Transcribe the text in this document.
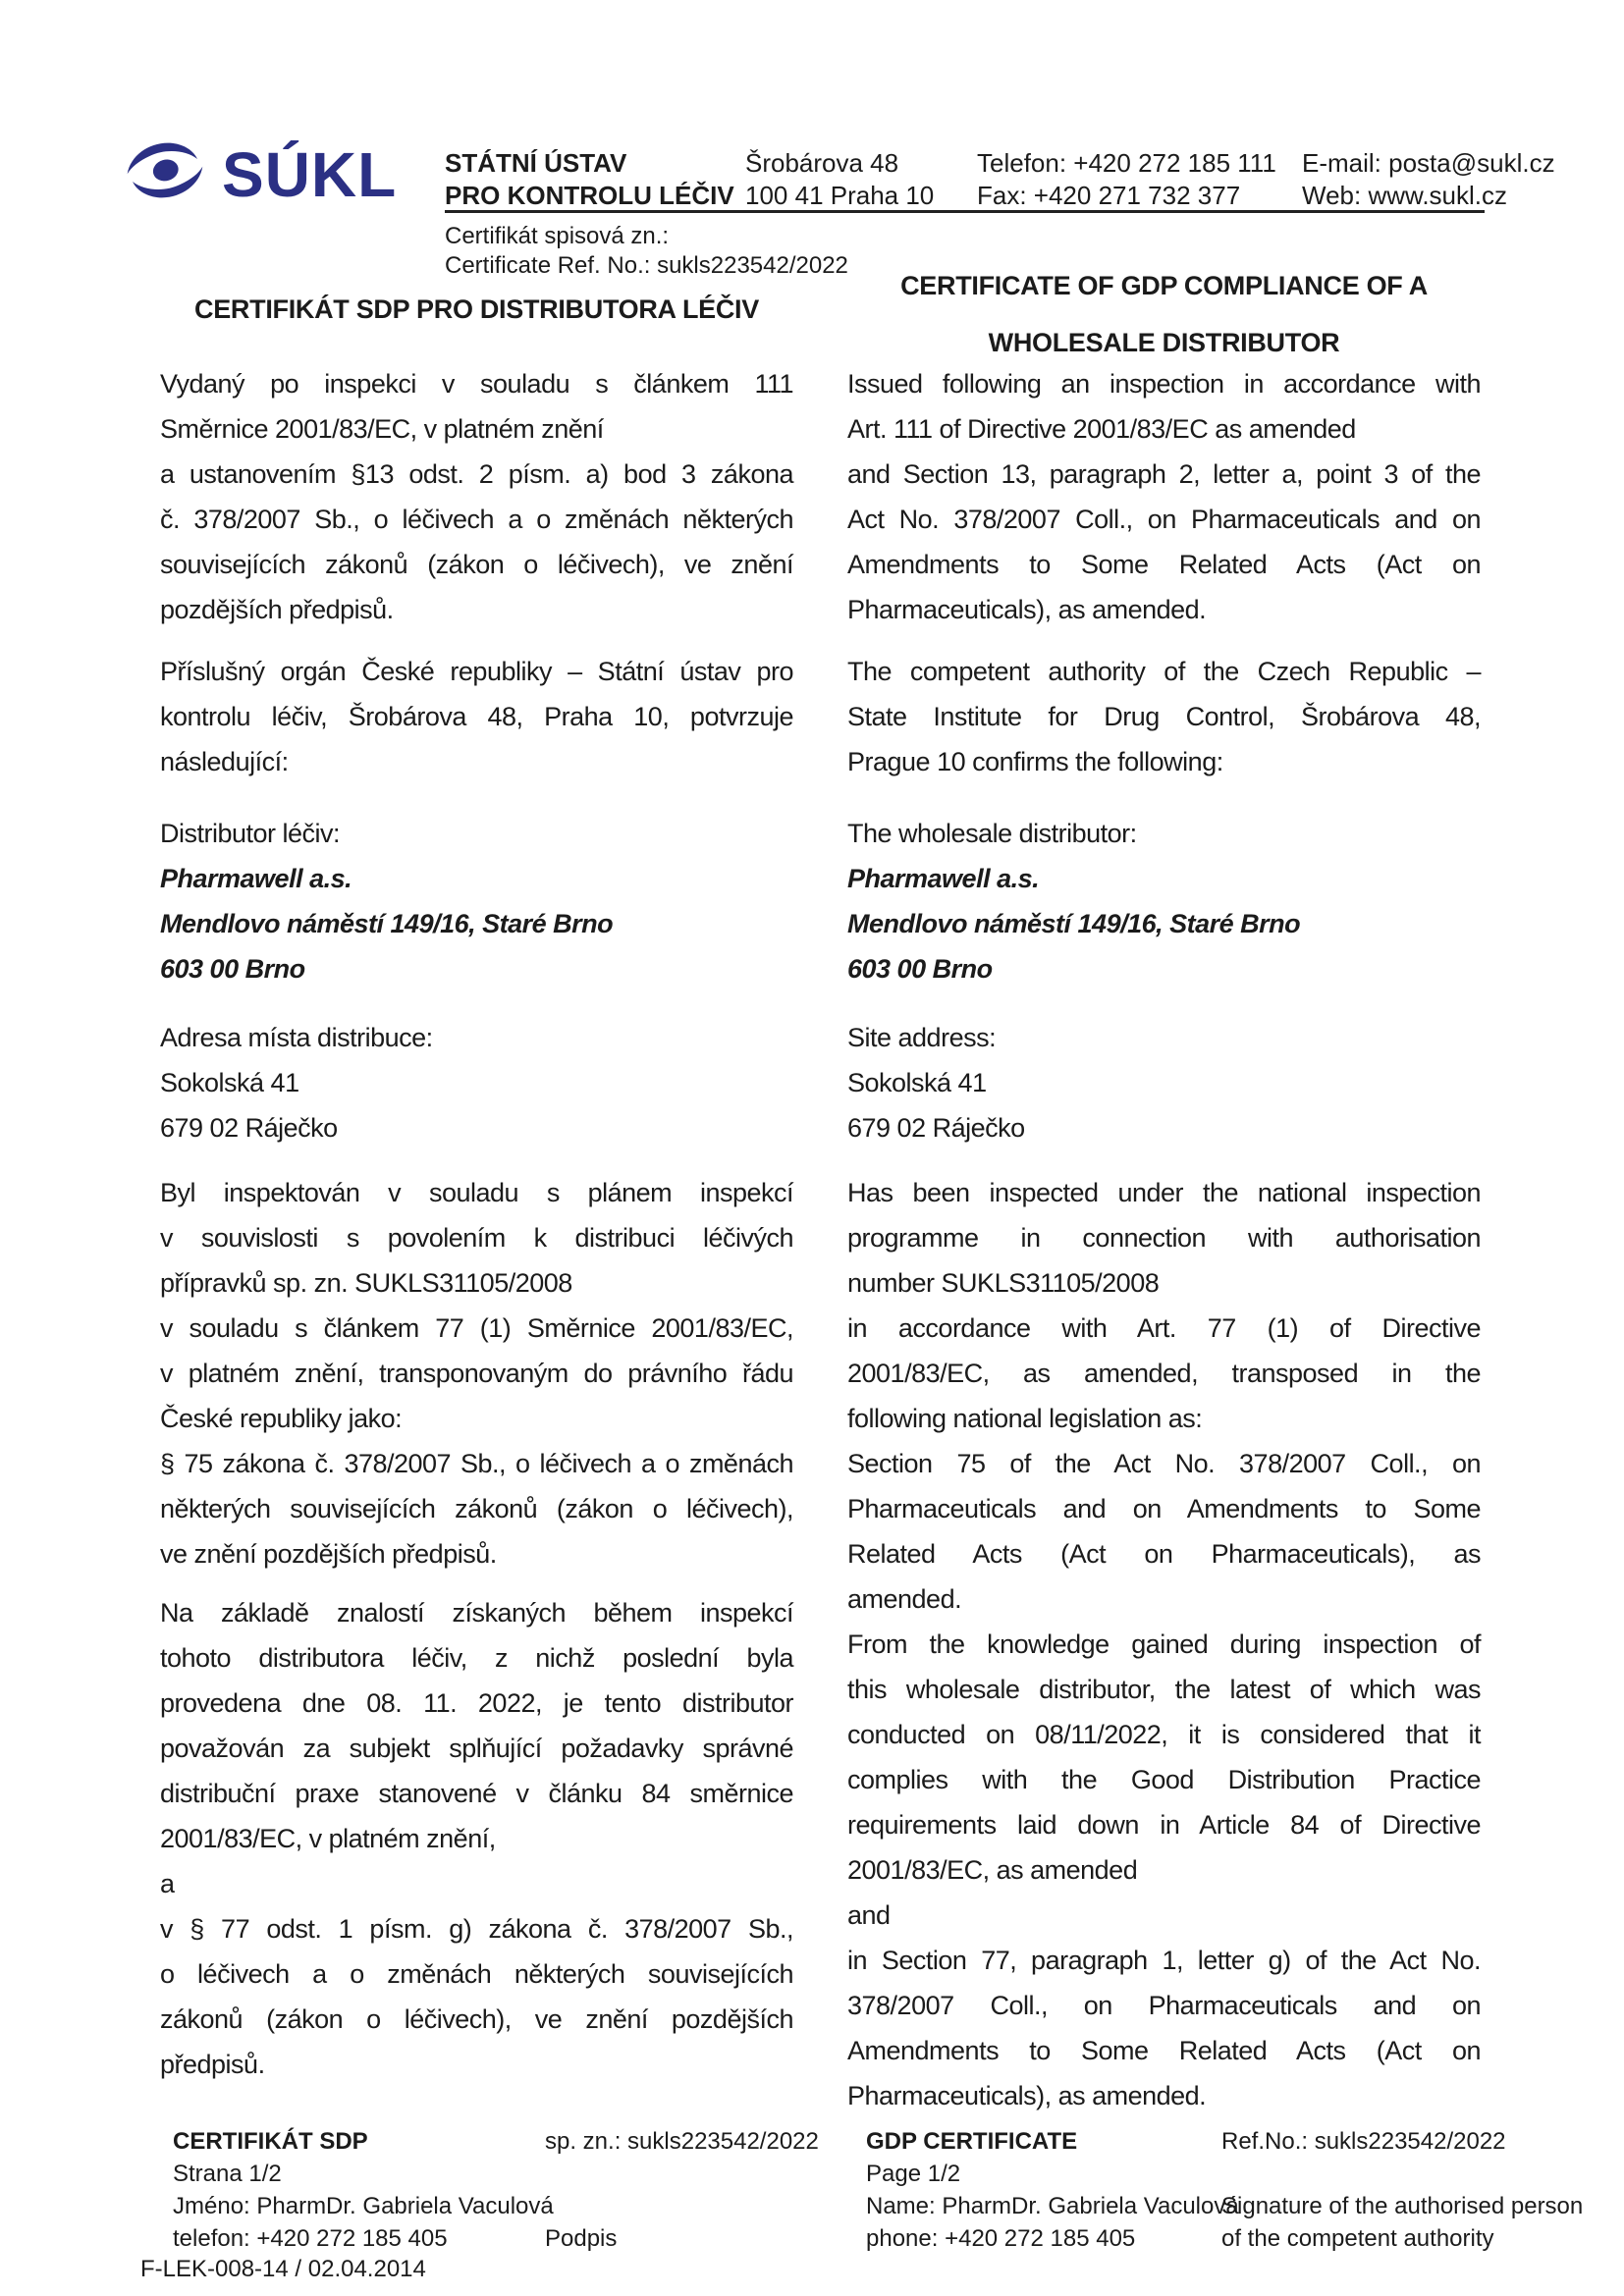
SÚKL STÁTNÍ ÚSTAV
PRO KONTROLU LÉČIV
Šrobárova 48
100 41 Praha 10
Telefon: +420 272 185 111
Fax: +420 271 732 377
E-mail: posta@sukl.cz
Web: www.sukl.cz
Certifikát spisová zn.:
Certificate Ref. No.: sukls223542/2022
CERTIFIKÁT SDP PRO DISTRIBUTORA LÉČIV
CERTIFICATE OF GDP COMPLIANCE OF A
WHOLESALE DISTRIBUTOR
Vydaný po inspekci v souladu s článkem 111
Směrnice 2001/83/EC, v platném znění
a ustanovením §13 odst. 2 písm. a) bod 3 zákona
č. 378/2007 Sb., o léčivech a o změnách některých
souvisejících zákonů (zákon o léčivech), ve znění
pozdějších předpisů.
Příslušný orgán České republiky – Státní ústav pro
kontrolu léčiv, Šrobárova 48, Praha 10, potvrzuje
následující:
Distributor léčiv:
Pharmawell a.s.
Mendlovo náměstí 149/16, Staré Brno
603 00 Brno
Adresa místa distribuce:
Sokolská 41
679 02 Ráječko
Byl inspektován v souladu s plánem inspekcí
v souvislosti s povolením k distribuci léčivých
přípravků sp. zn. SUKLS31105/2008
v souladu s článkem 77 (1) Směrnice 2001/83/EC,
v platném znění, transponovaným do právního řádu
České republiky jako:
§ 75 zákona č. 378/2007 Sb., o léčivech a o změnách
některých souvisejících zákonů (zákon o léčivech),
ve znění pozdějších předpisů.
Na základě znalostí získaných během inspekcí
tohoto distributora léčiv, z nichž poslední byla
provedena dne 08. 11. 2022, je tento distributor
považován za subjekt splňující požadavky správné
distribuční praxe stanovené v článku 84 směrnice
2001/83/EC, v platném znění,
a
v § 77 odst. 1 písm. g) zákona č. 378/2007 Sb.,
o léčivech a o změnách některých souvisejících
zákonů (zákon o léčivech), ve znění pozdějších
předpisů.
Issued following an inspection in accordance with
Art. 111 of Directive 2001/83/EC as amended
and Section 13, paragraph 2, letter a, point 3 of the
Act No. 378/2007 Coll., on Pharmaceuticals and on
Amendments to Some Related Acts (Act on
Pharmaceuticals), as amended.
The competent authority of the Czech Republic –
State Institute for Drug Control, Šrobárova 48,
Prague 10 confirms the following:
The wholesale distributor:
Pharmawell a.s.
Mendlovo náměstí 149/16, Staré Brno
603 00 Brno
Site address:
Sokolská 41
679 02 Ráječko
Has been inspected under the national inspection
programme in connection with authorisation
number SUKLS31105/2008
in accordance with Art. 77 (1) of Directive
2001/83/EC, as amended, transposed in the
following national legislation as:
Section 75 of the Act No. 378/2007 Coll., on
Pharmaceuticals and on Amendments to Some
Related Acts (Act on Pharmaceuticals), as
amended.
From the knowledge gained during inspection of
this wholesale distributor, the latest of which was
conducted on 08/11/2022, it is considered that it
complies with the Good Distribution Practice
requirements laid down in Article 84 of Directive
2001/83/EC, as amended
and
in Section 77, paragraph 1, letter g) of the Act No.
378/2007 Coll., on Pharmaceuticals and on
Amendments to Some Related Acts (Act on
Pharmaceuticals), as amended.
CERTIFIKÁT SDP	sp. zn.: sukls223542/2022	GDP CERTIFICATE	Ref.No.: sukls223542/2022
Strana 1/2	Page 1/2
Jméno: PharmDr. Gabriela Vaculová	Name: PharmDr. Gabriela Vaculová
Signature of the authorised person
telefon: +420 272 185 405	Podpis	phone: +420 272 185 405	of the competent authority
F-LEK-008-14 / 02.04.2014
